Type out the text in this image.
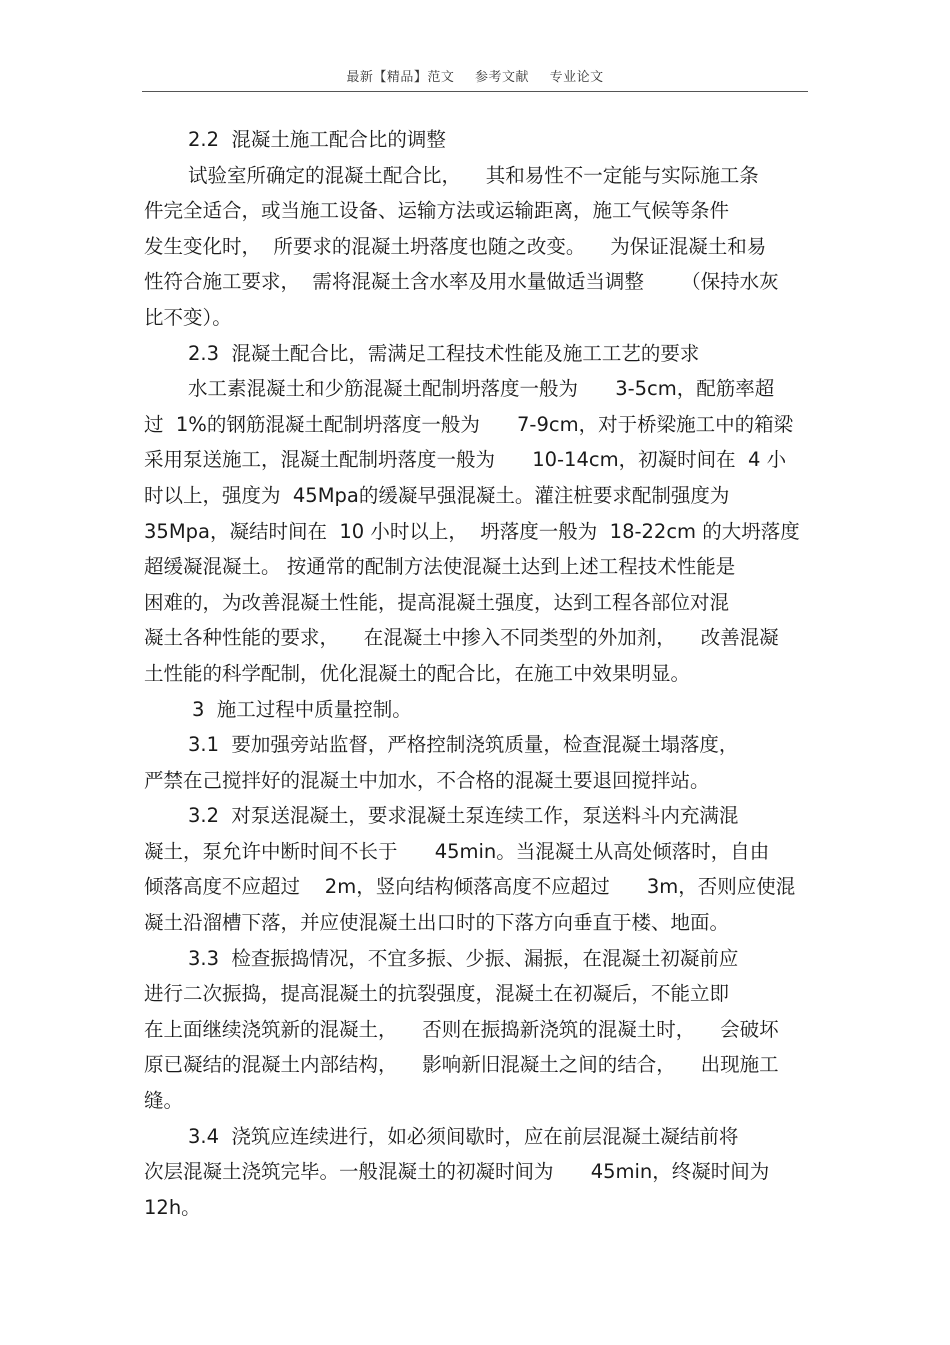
最新【精品】范文 参考文献 专业论文
2.2  混凝土施工配合比的调整
试验室所确定的混凝土配合比，    其和易性不一定能与实际施工条
件完全适合，或当施工设备、运输方法或运输距离，施工气候等条件
发生变化时，  所要求的混凝土坍落度也随之改变。    为保证混凝土和易
性符合施工要求，  需将混凝土含水率及用水量做适当调整      （保持水灰
比不变）。
2.3  混凝土配合比，需满足工程技术性能及施工工艺的要求
水工素混凝土和少筋混凝土配制坍落度一般为      3-5cm，配筋率超
过  1%的钢筋混凝土配制坍落度一般为      7-9cm，对于桥梁施工中的箱梁
采用泵送施工，混凝土配制坍落度一般为      10-14cm，初凝时间在  4 小
时以上，强度为  45Mpa的缓凝早强混凝土。灌注桩要求配制强度为
35Mpa，凝结时间在  10 小时以上，  坍落度一般为  18-22cm 的大坍落度
超缓凝混凝土。 按通常的配制方法使混凝土达到上述工程技术性能是
困难的，为改善混凝土性能，提高混凝土强度，达到工程各部位对混
凝土各种性能的要求，    在混凝土中掺入不同类型的外加剂，    改善混凝
土性能的科学配制，优化混凝土的配合比，在施工中效果明显。
3  施工过程中质量控制。
3.1  要加强旁站监督，严格控制浇筑质量，检查混凝土塌落度，
严禁在己搅拌好的混凝土中加水，不合格的混凝土要退回搅拌站。
3.2  对泵送混凝土，要求混凝土泵连续工作，泵送料斗内充满混
凝土，泵允许中断时间不长于      45min。当混凝土从高处倾落时，自由
倾落高度不应超过    2m，竖向结构倾落高度不应超过      3m，否则应使混
凝土沿溜槽下落，并应使混凝土出口时的下落方向垂直于楼、地面。
3.3  检查振捣情况，不宜多振、少振、漏振，在混凝土初凝前应
进行二次振捣，提高混凝土的抗裂强度，混凝土在初凝后，不能立即
在上面继续浇筑新的混凝土，    否则在振捣新浇筑的混凝土时，    会破坏
原已凝结的混凝土内部结构，    影响新旧混凝土之间的结合，    出现施工
缝。
3.4  浇筑应连续进行，如必须间歇时，应在前层混凝土凝结前将
次层混凝土浇筑完毕。一般混凝土的初凝时间为      45min，终凝时间为
12h。
